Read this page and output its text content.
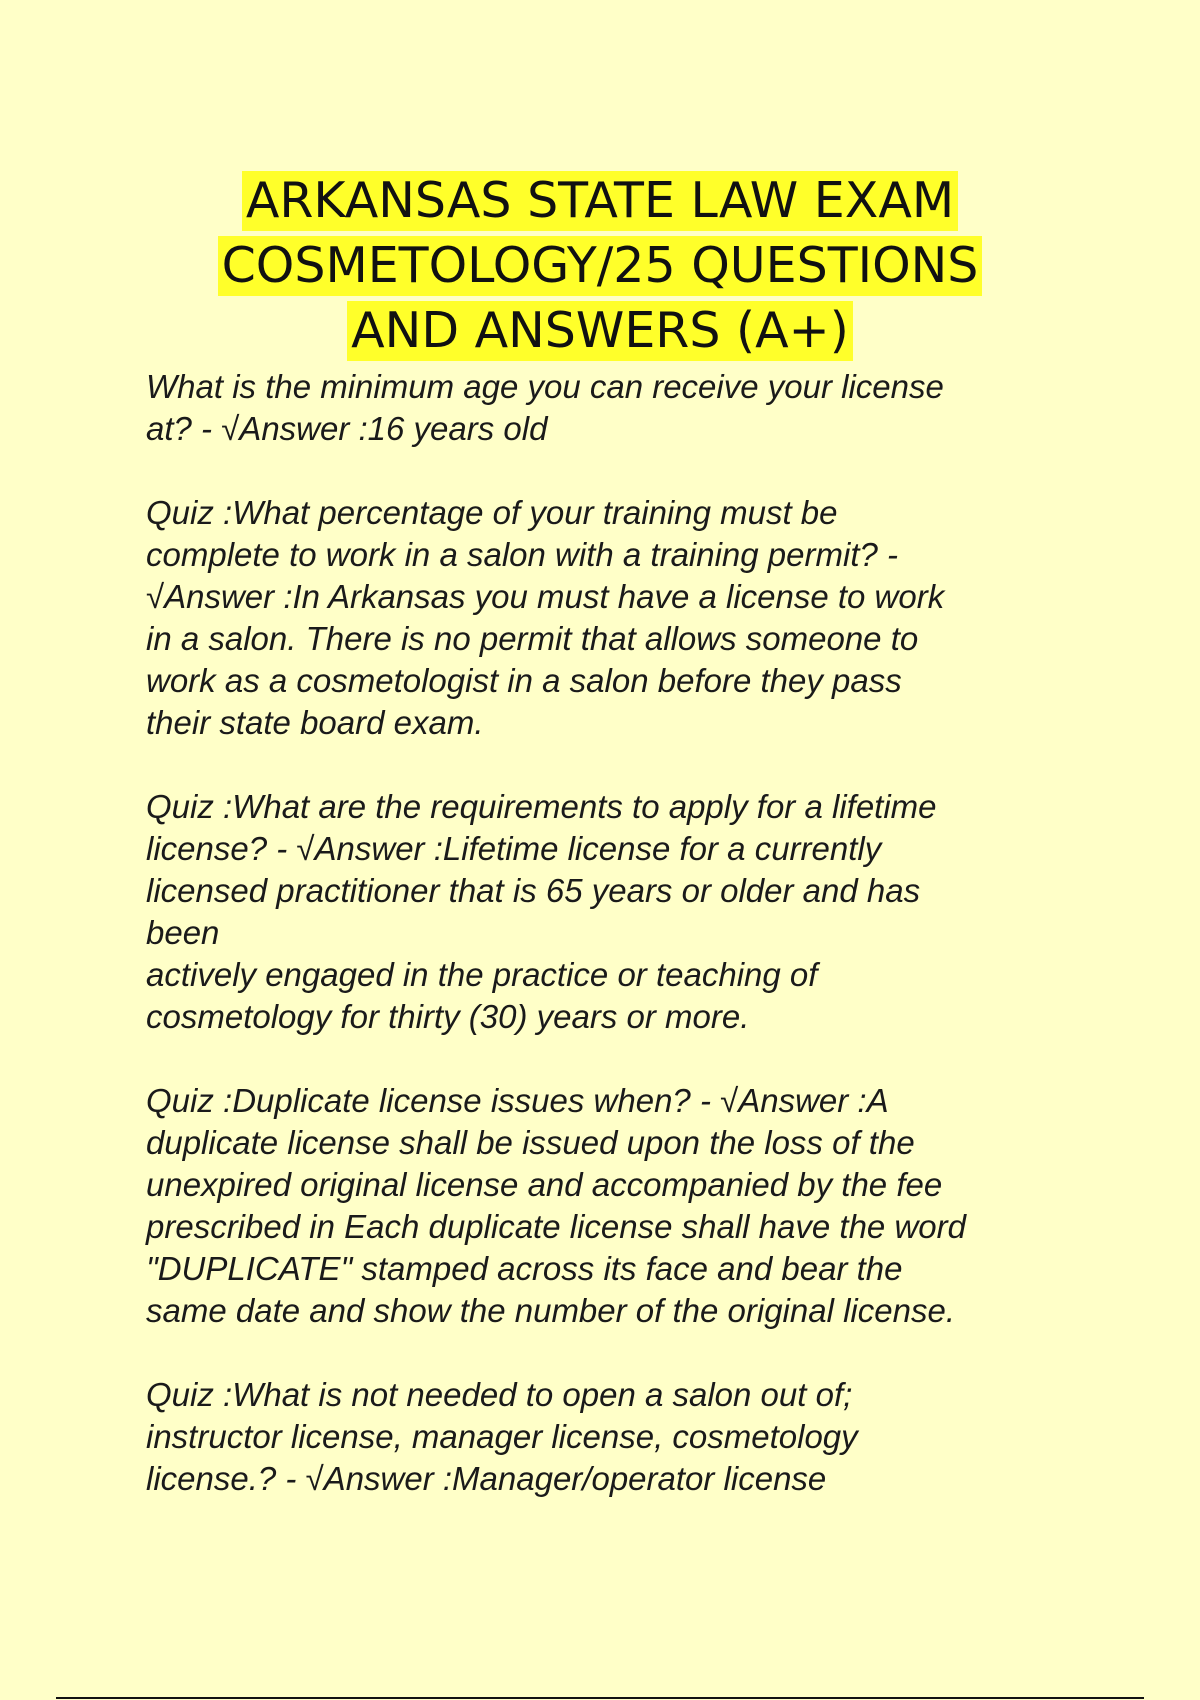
ARKANSAS STATE LAW EXAM
COSMETOLOGY/25 QUESTIONS
AND ANSWERS (A+)
What is the minimum age you can receive your license
at? - √Answer :16 years old
Quiz :What percentage of your training must be
complete to work in a salon with a training permit? -
√Answer :In Arkansas you must have a license to work
in a salon. There is no permit that allows someone to
work as a cosmetologist in a salon before they pass
their state board exam.
Quiz :What are the requirements to apply for a lifetime
license? - √Answer :Lifetime license for a currently
licensed practitioner that is 65 years or older and has
been
actively engaged in the practice or teaching of
cosmetology for thirty (30) years or more.
Quiz :Duplicate license issues when? - √Answer :A
duplicate license shall be issued upon the loss of the
unexpired original license and accompanied by the fee
prescribed in Each duplicate license shall have the word
"DUPLICATE" stamped across its face and bear the
same date and show the number of the original license.
Quiz :What is not needed to open a salon out of;
instructor license, manager license, cosmetology
license.? - √Answer :Manager/operator license
